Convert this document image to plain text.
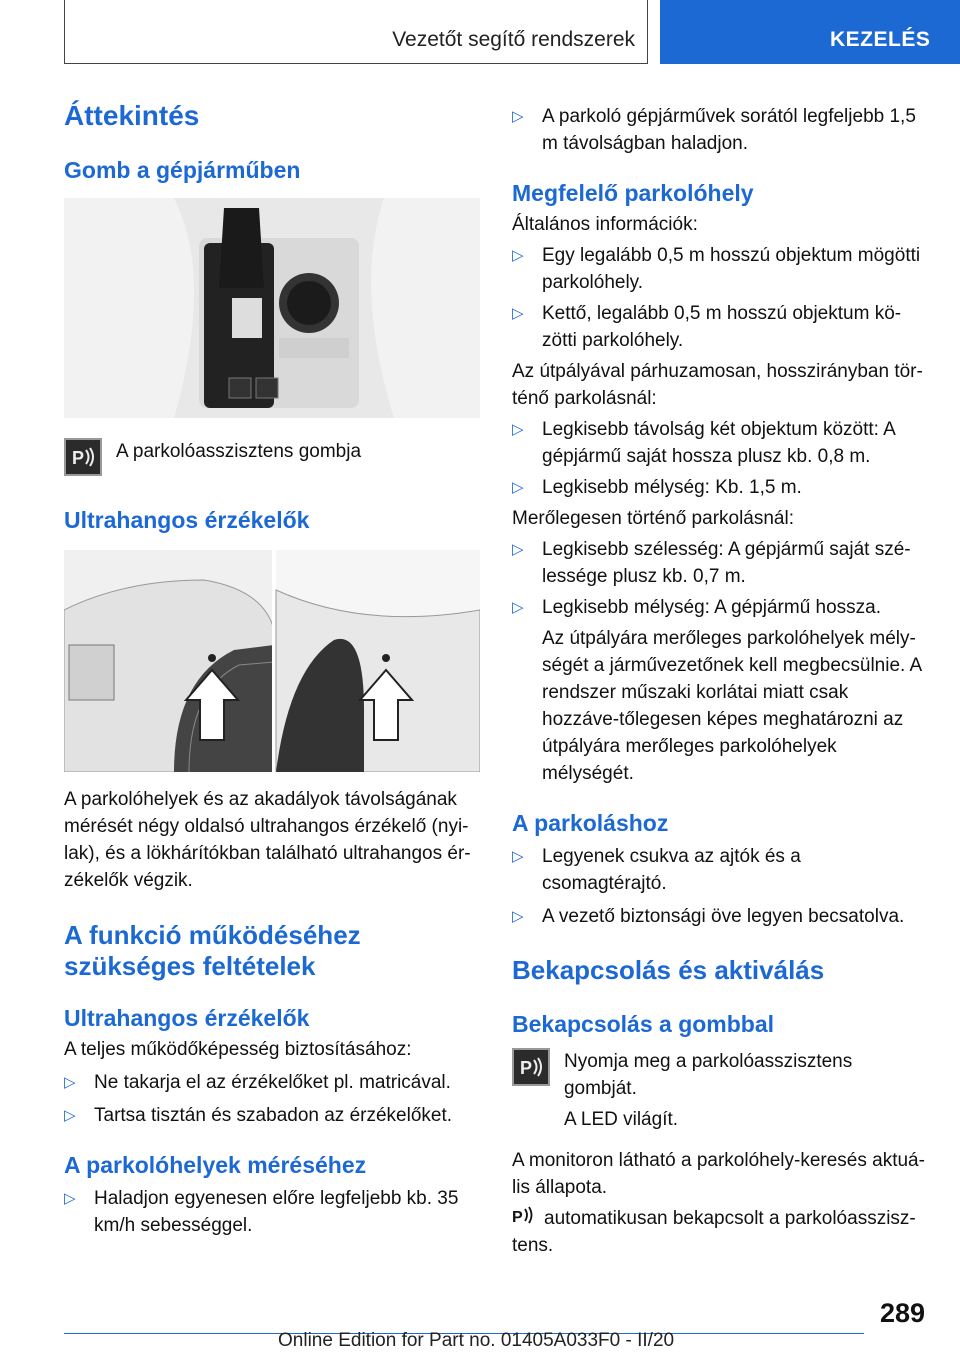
Vezetőt segítő rendszerek	KEZELÉS
Áttekintés
Gomb a gépjárműben
P A parkolóasszisztens gombja

Ultrahangos érzékelők

A parkolóhelyek és az akadályok távolságának mérését négy oldalsó ultrahangos érzékelő (nyi-lak), és a lökhárítókban található ultrahangos ér-zékelők végzik.

A funkció működéséhez szükséges feltételek
Ultrahangos érzékelők

A teljes működőképesség biztosításához:

▷ Ne takarja el az érzékelőket pl. matricával.
▷ Tartsa tisztán és szabadon az érzékelőket.
A parkolóhelyek méréséhez
▷ Haladjon egyenesen előre legfeljebb kb. 35 km/h sebességgel.
▷ A parkoló gépjárművek sorától legfeljebb 1,5 m távolságban haladjon.
Megfelelő parkolóhely

Általános információk:

▷ Egy legalább 0,5 m hosszú objektum mögötti parkolóhely.
▷ Kettő, legalább 0,5 m hosszú objektum kö-zötti parkolóhely.

Az útpályával párhuzamosan, hosszirányban tör-ténő parkolásnál:

▷ Legkisebb távolság két objektum között: A gépjármű saját hossza plusz kb. 0,8 m.
▷ Legkisebb mélység: Kb. 1,5 m.

Merőlegesen történő parkolásnál:

▷ Legkisebb szélesség: A gépjármű saját szé-lessége plusz kb. 0,7 m.
▷ Legkisebb mélység: A gépjármű hossza.

Az útpályára merőleges parkolóhelyek mély-ségét a járművezetőnek kell megbecsülnie. A rendszer műszaki korlátai miatt csak hozzáve-tőlegesen képes meghatározni az útpályára merőleges parkolóhelyek mélységét.

A parkoláshoz
▷ Legyenek csukva az ajtók és a csomagtérajtó.
▷ A vezető biztonsági öve legyen becsatolva.
Bekapcsolás és aktiválás
Bekapcsolás a gombbal
P Nyomja meg a parkolóasszisztens gombját.

A LED világít.

A monitoron látható a parkolóhely-keresés aktuá-lis állapota.

P automatikusan bekapcsolt a parkolóasszisz-tens.

289
Online Edition for Part no. 01405A033F0 - II/20
